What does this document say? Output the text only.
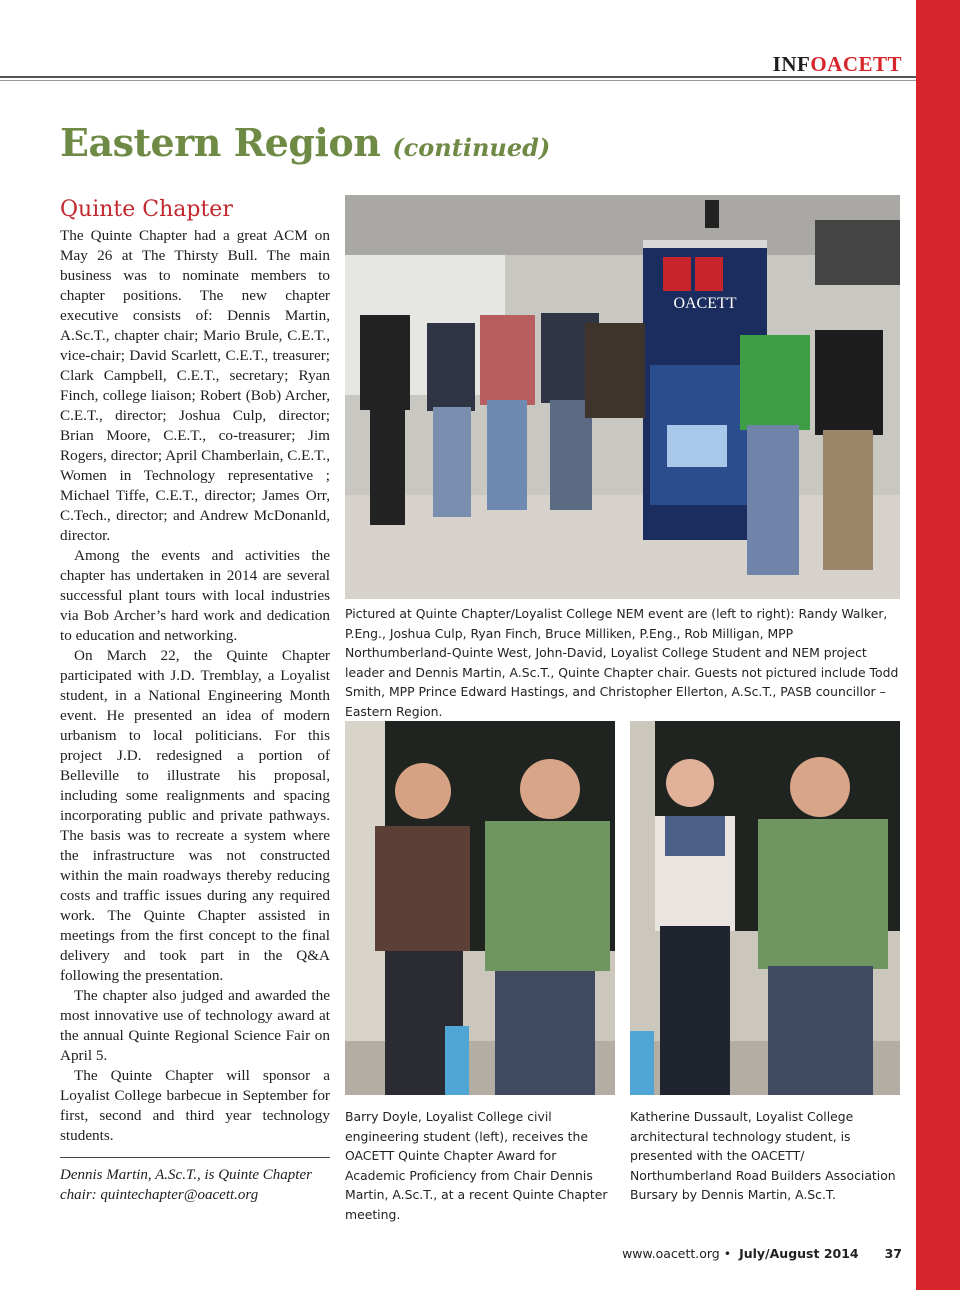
INFOACETT
Eastern Region (continued)
Quinte Chapter

The Quinte Chapter had a great ACM on May 26 at The Thirsty Bull. The main business was to nominate members to chapter positions. The new chapter executive consists of: Dennis Martin, A.Sc.T., chapter chair; Mario Brule, C.E.T., vice-chair; David Scarlett, C.E.T., treasurer; Clark Campbell, C.E.T., secretary; Ryan Finch, college liaison; Robert (Bob) Archer, C.E.T., director; Joshua Culp, director; Brian Moore, C.E.T., co-treasurer; Jim Rogers, director; April Chamberlain, C.E.T., Women in Technology representative ; Michael Tiffe, C.E.T., director; James Orr, C.Tech., director; and Andrew McDonanld, director.

Among the events and activities the chapter has undertaken in 2014 are several successful plant tours with local industries via Bob Archer’s hard work and dedication to education and networking.

On March 22, the Quinte Chapter participated with J.D. Tremblay, a Loyalist student, in a National Engineering Month event. He presented an idea of modern urbanism to local politicians. For this project J.D. redesigned a portion of Belleville to illustrate his proposal, including some realignments and spacing incorporating public and private pathways. The basis was to recreate a system where the infrastructure was not constructed within the main roadways thereby reducing costs and traffic issues during any required work. The Quinte Chapter assisted in meetings from the first concept to the final delivery and took part in the Q&A following the presentation.

The chapter also judged and awarded the most innovative use of technology award at the annual Quinte Regional Science Fair on April 5.

The Quinte Chapter will sponsor a Loyalist College barbecue in September for first, second and third year technology students.

Dennis Martin, A.Sc.T., is Quinte Chapter chair: quintechapter@oacett.org
OACETT
Pictured at Quinte Chapter/Loyalist College NEM event are (left to right): Randy Walker, P.Eng., Joshua Culp, Ryan Finch, Bruce Milliken, P.Eng., Rob Milligan, MPP Northumberland-Quinte West, John-David, Loyalist College Student and NEM project leader and Dennis Martin, A.Sc.T., Quinte Chapter chair. Guests not pictured include Todd Smith, MPP Prince Edward Hastings, and Christopher Ellerton, A.Sc.T., PASB councillor – Eastern Region.
Barry Doyle, Loyalist College civil engineering student (left), receives the OACETT Quinte Chapter Award for Academic Proficiency from Chair Dennis Martin, A.Sc.T., at a recent Quinte Chapter meeting.
Katherine Dussault, Loyalist College architectural technology student, is presented with the OACETT/ Northumberland Road Builders Association Bursary by Dennis Martin, A.Sc.T.
www.oacett.org • July/August 2014 37
